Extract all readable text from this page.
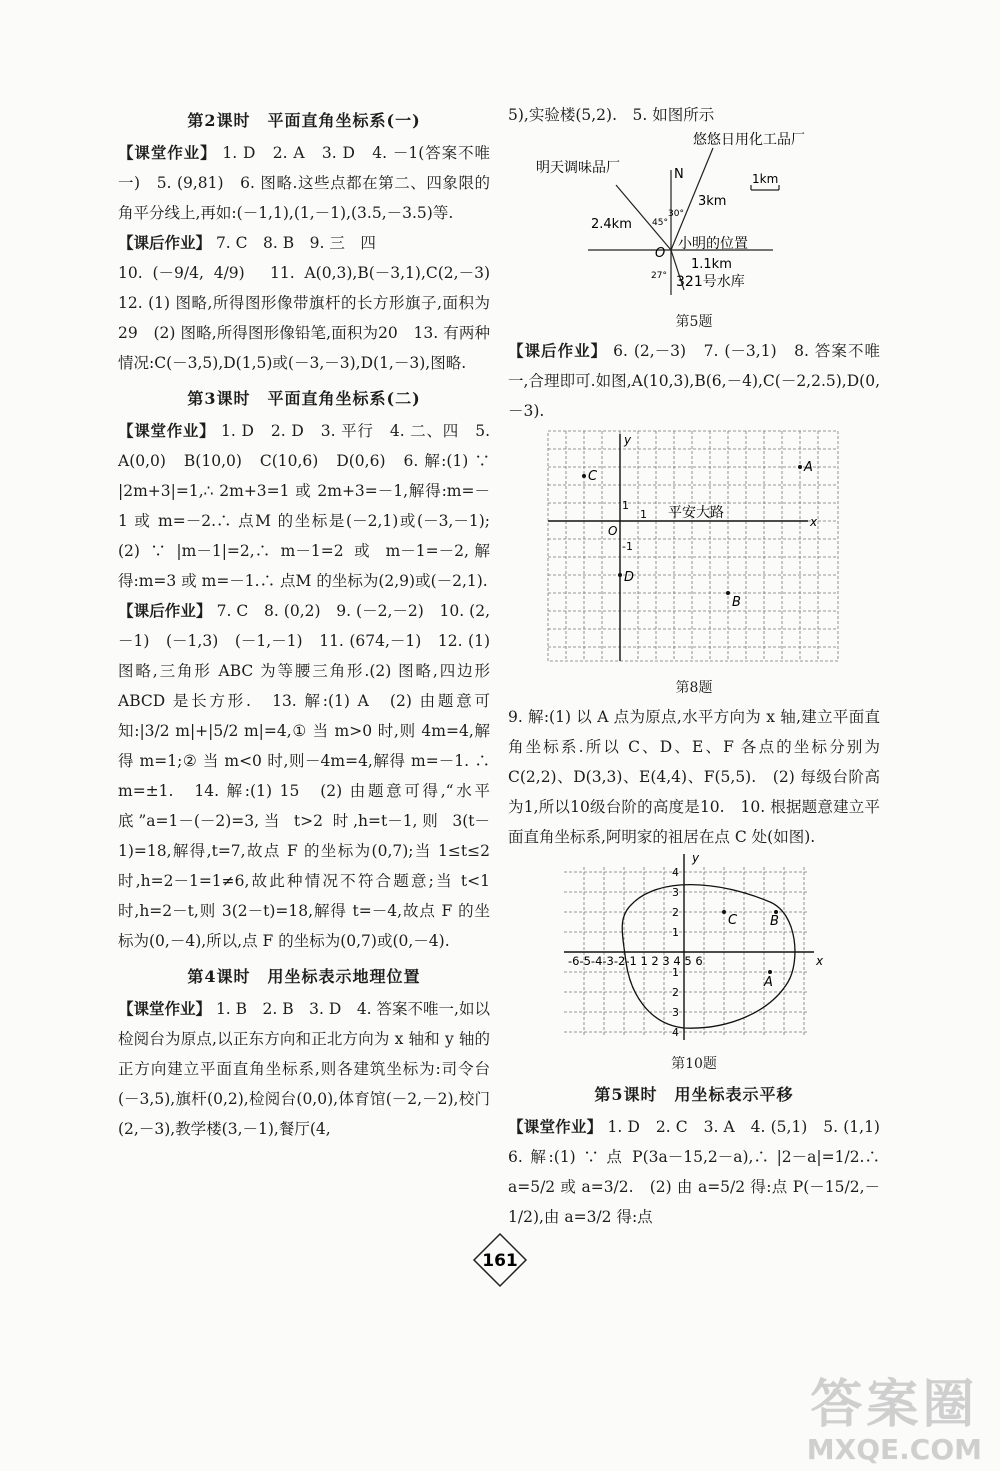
第2课时　平面直角坐标系(一)

【课堂作业】 1. D　2. A　3. D　4. －1(答案不唯一)　5. (9,81)　6. 图略.这些点都在第二、四象限的角平分线上,再如:(－1,1),(1,－1),(3.5,－3.5)等.

【课后作业】 7. C　8. B　9. 三　四

10. (－9/4, 4/9)　11. A(0,3),B(－3,1),C(2,－3)　12. (1) 图略,所得图形像带旗杆的长方形旗子,面积为29　(2) 图略,所得图形像铅笔,面积为20　13. 有两种情况:C(－3,5),D(1,5)或(－3,－3),D(1,－3),图略.

第3课时　平面直角坐标系(二)

【课堂作业】 1. D　2. D　3. 平行　4. 二、四　5. A(0,0)　B(10,0)　C(10,6)　D(0,6)　6. 解:(1) ∵ |2m+3|=1,∴ 2m+3=1 或 2m+3=－1,解得:m=－1 或 m=－2.∴ 点M 的坐标是(－2,1)或(－3,－1);(2) ∵ |m－1|=2,∴ m－1=2 或 m－1=－2,解得:m=3 或 m=－1.∴ 点M 的坐标为(2,9)或(－2,1).

【课后作业】 7. C　8. (0,2)　9. (－2,－2)　10. (2,－1)　(－1,3)　(－1,－1)　11. (674,－1)　12. (1) 图略,三角形 ABC 为等腰三角形.(2) 图略,四边形 ABCD 是长方形.　13. 解:(1) A　(2) 由题意可知:|3/2 m|+|5/2 m|=4,① 当 m>0 时,则 4m=4,解得 m=1;② 当 m<0 时,则－4m=4,解得 m=－1. ∴ m=±1.　14. 解:(1) 15　(2) 由题意可得,“水平底”a=1－(－2)=3,当 t>2 时,h=t－1,则 3(t－1)=18,解得,t=7,故点 F 的坐标为(0,7);当 1≤t≤2 时,h=2－1=1≠6,故此种情况不符合题意;当 t<1 时,h=2－t,则 3(2－t)=18,解得 t=－4,故点 F 的坐标为(0,－4),所以,点 F 的坐标为(0,7)或(0,－4).

第4课时　用坐标表示地理位置

【课堂作业】 1. B　2. B　3. D　4. 答案不唯一,如以检阅台为原点,以正东方向和正北方向为 x 轴和 y 轴的正方向建立平面直角坐标系,则各建筑坐标为:司令台(－3,5),旗杆(0,2),检阅台(0,0),体育馆(－2,－2),校门(2,－3),教学楼(3,－1),餐厅(4,

5),实验楼(5,2).　5. 如图所示

N
悠悠日用化工品厂
明天调味品厂
3km
2.4km
1.1km
30°
45°
27°
O
小明的位置
321号水库
1km
第5题

【课后作业】 6. (2,－3)　7. (－3,1)　8. 答案不唯一,合理即可.如图,A(10,3),B(6,－4),C(－2,2.5),D(0,－3).

y
x
O
1
-1
1 平安大路
A
B
C
D
第8题

9. 解:(1) 以 A 点为原点,水平方向为 x 轴,建立平面直角坐标系.所以 C、D、E、F 各点的坐标分别为 C(2,2)、D(3,3)、E(4,4)、F(5,5).　(2) 每级台阶高为1,所以10级台阶的高度是10.　10. 根据题意建立平面直角坐标系,阿明家的祖居在点 C 处(如图).

y
x
-6-5-4-3-2-1 1 2 3 4 5 6
4
3
2
1
1
2
3
4
B
C
A
第10题
第5课时　用坐标表示平移

【课堂作业】 1. D　2. C　3. A　4. (5,1)　5. (1,1)　6. 解:(1) ∵ 点 P(3a－15,2－a),∴ |2－a|=1/2.∴ a=5/2 或 a=3/2.　(2) 由 a=5/2 得:点 P(－15/2,－1/2),由 a=3/2 得:点

161
答案圈
MXQE.COM
